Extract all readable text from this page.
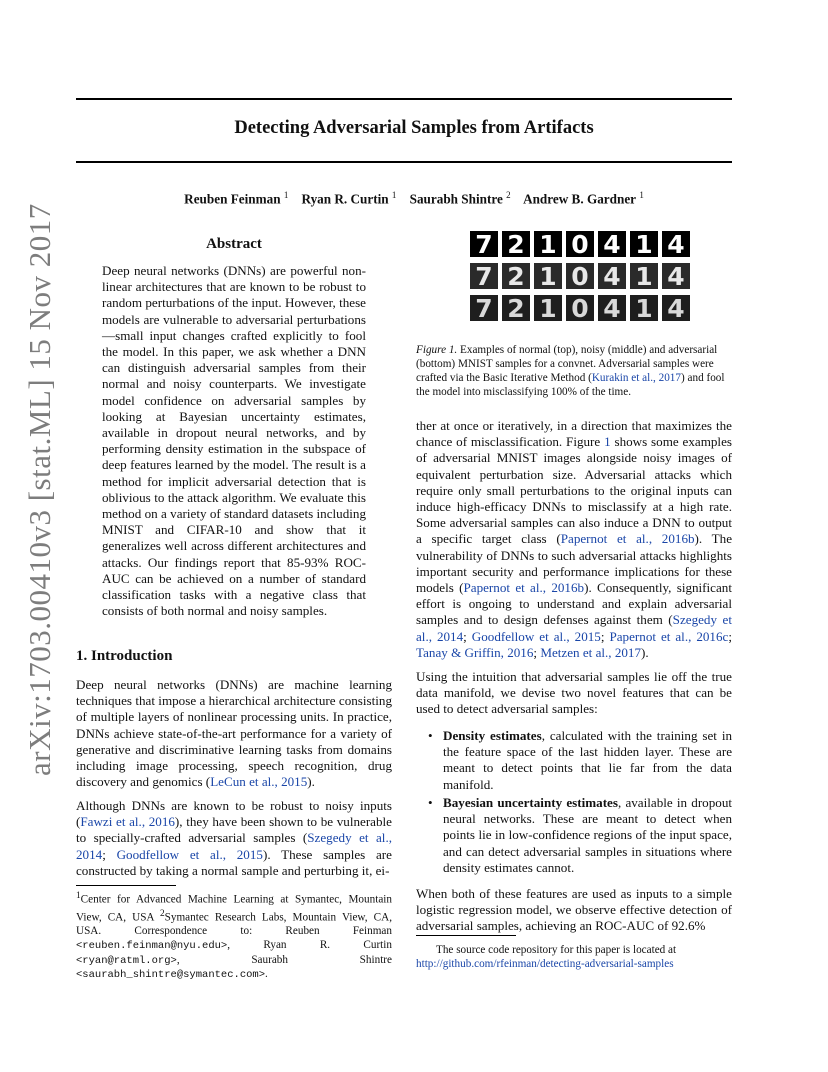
Detecting Adversarial Samples from Artifacts
Reuben Feinman $^1$ Ryan R. Curtin $^1$ Saurabh Shintre $^2$ Andrew B. Gardner $^1$
arXiv:1703.00410v3 [stat.ML] 15 Nov 2017	Abstract
Deep neural networks (DNNs) are powerful non-linear architectures that are known to be robust to random perturbations of the input. However, these models are vulnerable to adversarial perturbations—small input changes crafted explicitly to fool the model. In this paper, we ask whether a DNN can distinguish adversarial samples from their normal and noisy counterparts. We investigate model confidence on adversarial samples by looking at Bayesian uncertainty estimates, available in dropout neural networks, and by performing density estimation in the subspace of deep features learned by the model. The result is a method for implicit adversarial detection that is oblivious to the attack algorithm. We evaluate this method on a variety of standard datasets including MNIST and CIFAR-10 and show that it generalizes well across different architectures and attacks. Our findings report that 85-93% ROC-AUC can be achieved on a number of standard classification tasks with a negative class that consists of both normal and noisy samples.
1. Introduction

Deep neural networks (DNNs) are machine learning techniques that impose a hierarchical architecture consisting of multiple layers of nonlinear processing units. In practice, DNNs achieve state-of-the-art performance for a variety of generative and discriminative learning tasks from domains including image processing, speech recognition, drug discovery and genomics (LeCun et al., 2015).

Although DNNs are known to be robust to noisy inputs (Fawzi et al., 2016), they have been shown to be vulnerable to specially-crafted adversarial samples (Szegedy et al., 2014; Goodfellow et al., 2015). These samples are constructed by taking a normal sample and perturbing it, ei-

$^1$Center for Advanced Machine Learning at Symantec, Mountain View, CA, USA $^2$Symantec Research Labs, Mountain View, CA, USA. Correspondence to: Reuben Feinman <reuben.feinman@nyu.edu>, Ryan R. Curtin <ryan@ratml.org>, Saurabh Shintre <saurabh_shintre@symantec.com>.
7 2 1 0 4 1 4
7 2 1 0 4 1 4
7 2 1 0 4 1 4
Figure 1. Examples of normal (top), noisy (middle) and adversarial (bottom) MNIST samples for a convnet. Adversarial samples were crafted via the Basic Iterative Method (Kurakin et al., 2017) and fool the model into misclassifying 100% of the time.

ther at once or iteratively, in a direction that maximizes the chance of misclassification. Figure 1 shows some examples of adversarial MNIST images alongside noisy images of equivalent perturbation size. Adversarial attacks which require only small perturbations to the original inputs can induce high-efficacy DNNs to misclassify at a high rate. Some adversarial samples can also induce a DNN to output a specific target class (Papernot et al., 2016b). The vulnerability of DNNs to such adversarial attacks highlights important security and performance implications for these models (Papernot et al., 2016b). Consequently, significant effort is ongoing to understand and explain adversarial samples and to design defenses against them (Szegedy et al., 2014; Goodfellow et al., 2015; Papernot et al., 2016c; Tanay & Griffin, 2016; Metzen et al., 2017).

Using the intuition that adversarial samples lie off the true data manifold, we devise two novel features that can be used to detect adversarial samples:

• Density estimates, calculated with the training set in the feature space of the last hidden layer. These are meant to detect points that lie far from the data manifold.
• Bayesian uncertainty estimates, available in dropout neural networks. These are meant to detect when points lie in low-confidence regions of the input space, and can detect adversarial samples in situations where density estimates cannot.

When both of these features are used as inputs to a simple logistic regression model, we observe effective detection of adversarial samples, achieving an ROC-AUC of 92.6%

The source code repository for this paper is located at
http://github.com/rfeinman/detecting-adversarial-samples
